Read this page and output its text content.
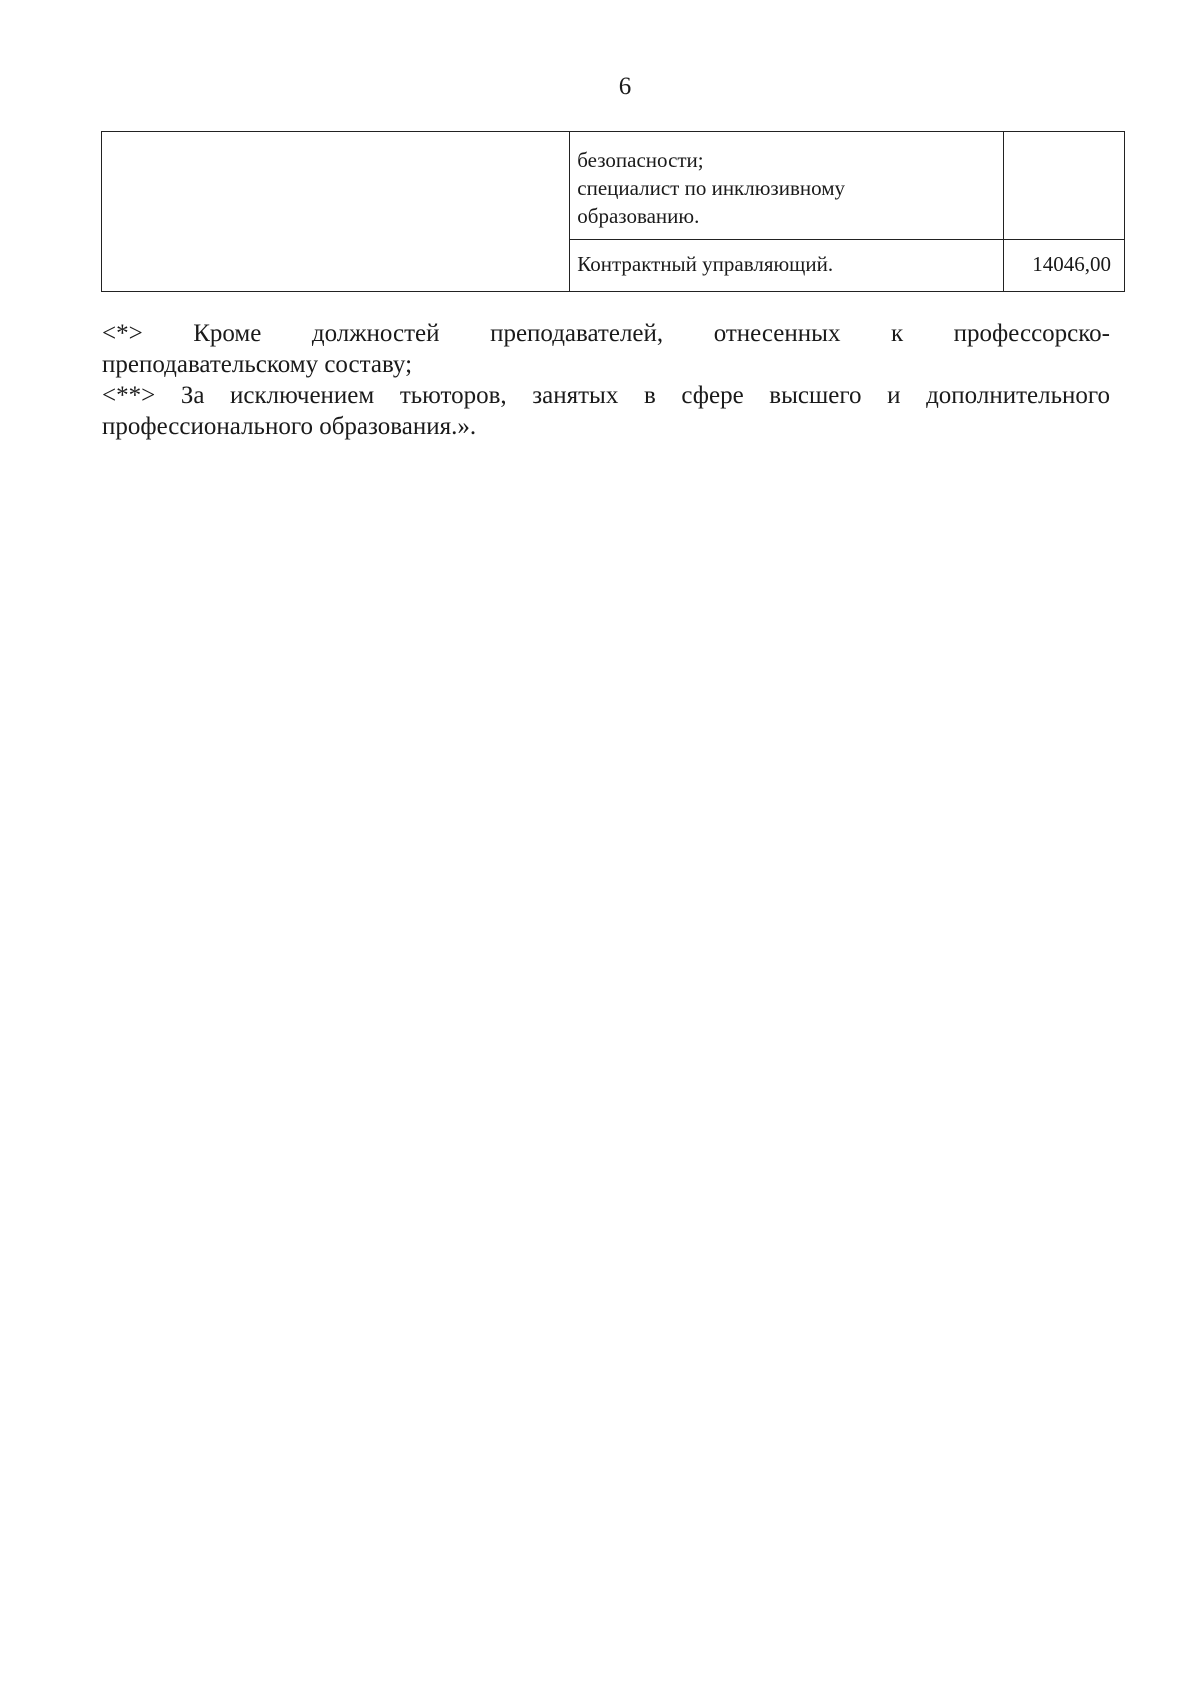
6

	безопасности;
специалист по инклюзивному
образованию.	

	Контрактный управляющий.	14046,00

<*> Кроме должностей преподавателей, отнесенных к профессорско-
преподавательскому составу;

<**> За исключением тьюторов, занятых в сфере высшего и дополнительного
профессионального образования.».
